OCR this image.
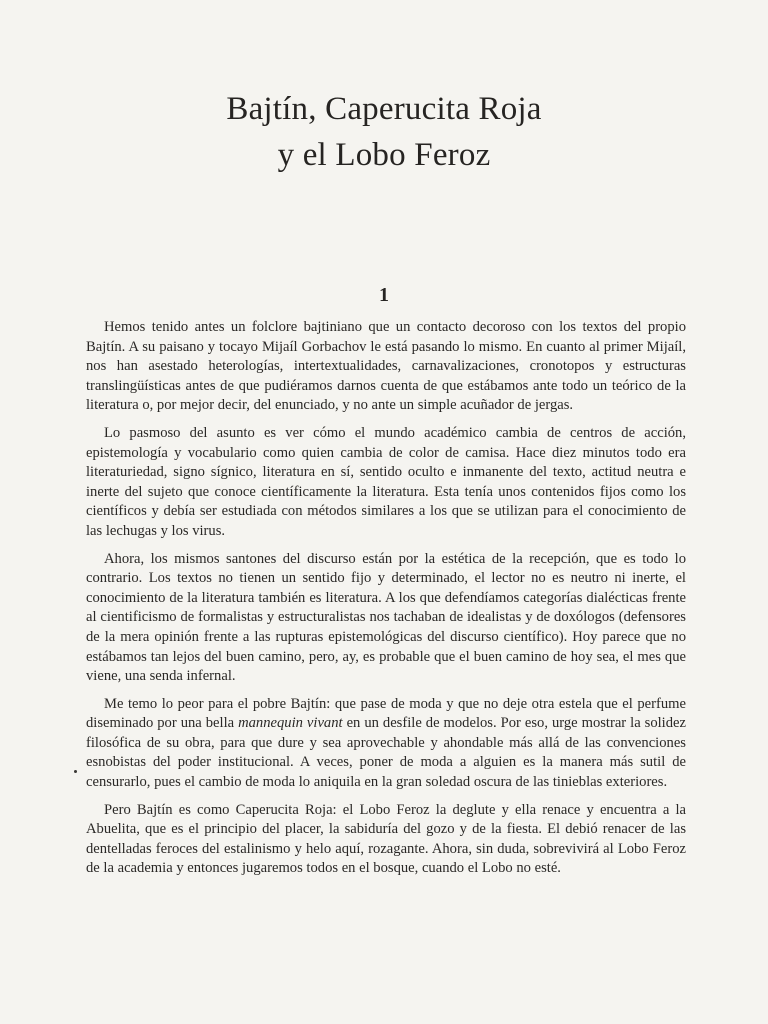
Bajtín, Caperucita Roja
y el Lobo Feroz
1

Hemos tenido antes un folclore bajtiniano que un contacto decoroso con los textos del propio Bajtín. A su paisano y tocayo Mijaíl Gorbachov le está pasando lo mismo. En cuanto al primer Mijaíl, nos han asestado heterologías, intertextualidades, carnavalizaciones, cronotopos y estructuras translingüísticas antes de que pudiéramos darnos cuenta de que estábamos ante todo un teórico de la literatura o, por mejor decir, del enunciado, y no ante un simple acuñador de jergas.

Lo pasmoso del asunto es ver cómo el mundo académico cambia de centros de acción, epistemología y vocabulario como quien cambia de color de camisa. Hace diez minutos todo era literaturiedad, signo sígnico, literatura en sí, sentido oculto e inmanente del texto, actitud neutra e inerte del sujeto que conoce científicamente la literatura. Esta tenía unos contenidos fijos como los científicos y debía ser estudiada con métodos similares a los que se utilizan para el conocimiento de las lechugas y los virus.

Ahora, los mismos santones del discurso están por la estética de la recepción, que es todo lo contrario. Los textos no tienen un sentido fijo y determinado, el lector no es neutro ni inerte, el conocimiento de la literatura también es literatura. A los que defendíamos categorías dialécticas frente al cientificismo de formalistas y estructuralistas nos tachaban de idealistas y de doxólogos (defensores de la mera opinión frente a las rupturas epistemológicas del discurso científico). Hoy parece que no estábamos tan lejos del buen camino, pero, ay, es probable que el buen camino de hoy sea, el mes que viene, una senda infernal.

Me temo lo peor para el pobre Bajtín: que pase de moda y que no deje otra estela que el perfume diseminado por una bella mannequin vivant en un desfile de modelos. Por eso, urge mostrar la solidez filosófica de su obra, para que dure y sea aprovechable y ahondable más allá de las convenciones esnobistas del poder institucional. A veces, poner de moda a alguien es la manera más sutil de censurarlo, pues el cambio de moda lo aniquila en la gran soledad oscura de las tinieblas exteriores.

Pero Bajtín es como Caperucita Roja: el Lobo Feroz la deglute y ella renace y encuentra a la Abuelita, que es el principio del placer, la sabiduría del gozo y de la fiesta. El debió renacer de las dentelladas feroces del estalinismo y helo aquí, rozagante. Ahora, sin duda, sobrevivirá al Lobo Feroz de la academia y entonces jugaremos todos en el bosque, cuando el Lobo no esté.
